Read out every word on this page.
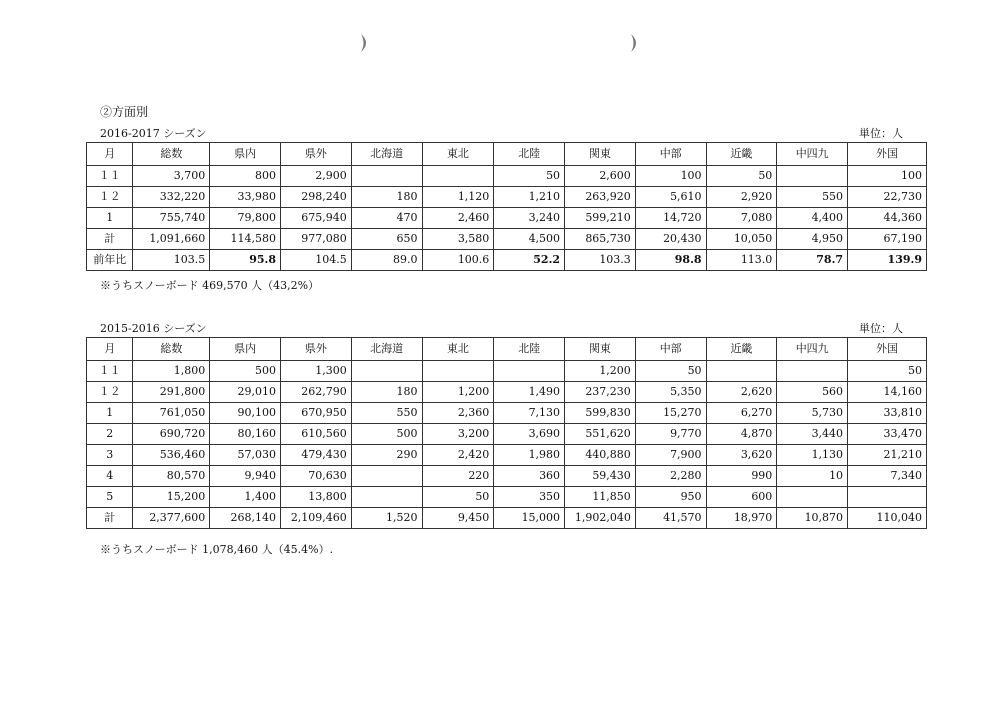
②方面別
2016-2017 シーズン	単位：人
月	総数	県内	県外	北海道	東北	北陸	関東	中部	近畿	中四九	外国
１１	3,700	800	2,900			50	2,600	100	50		100
１２	332,220	33,980	298,240	180	1,120	1,210	263,920	5,610	2,920	550	22,730
1	755,740	79,800	675,940	470	2,460	3,240	599,210	14,720	7,080	4,400	44,360
計	1,091,660	114,580	977,080	650	3,580	4,500	865,730	20,430	10,050	4,950	67,190
前年比	103.5	95.8	104.5	89.0	100.6	52.2	103.3	98.8	113.0	78.7	139.9
※うちスノーボード 469,570 人（43,2%）
2015-2016 シーズン	単位：人
月	総数	県内	県外	北海道	東北	北陸	関東	中部	近畿	中四九	外国
１１	1,800	500	1,300				1,200	50			50
１２	291,800	29,010	262,790	180	1,200	1,490	237,230	5,350	2,620	560	14,160
1	761,050	90,100	670,950	550	2,360	7,130	599,830	15,270	6,270	5,730	33,810
2	690,720	80,160	610,560	500	3,200	3,690	551,620	9,770	4,870	3,440	33,470
3	536,460	57,030	479,430	290	2,420	1,980	440,880	7,900	3,620	1,130	21,210
4	80,570	9,940	70,630		220	360	59,430	2,280	990	10	7,340
5	15,200	1,400	13,800		50	350	11,850	950	600		
計	2,377,600	268,140	2,109,460	1,520	9,450	15,000	1,902,040	41,570	18,970	10,870	110,040
※うちスノーボード 1,078,460 人（45.4%）.
